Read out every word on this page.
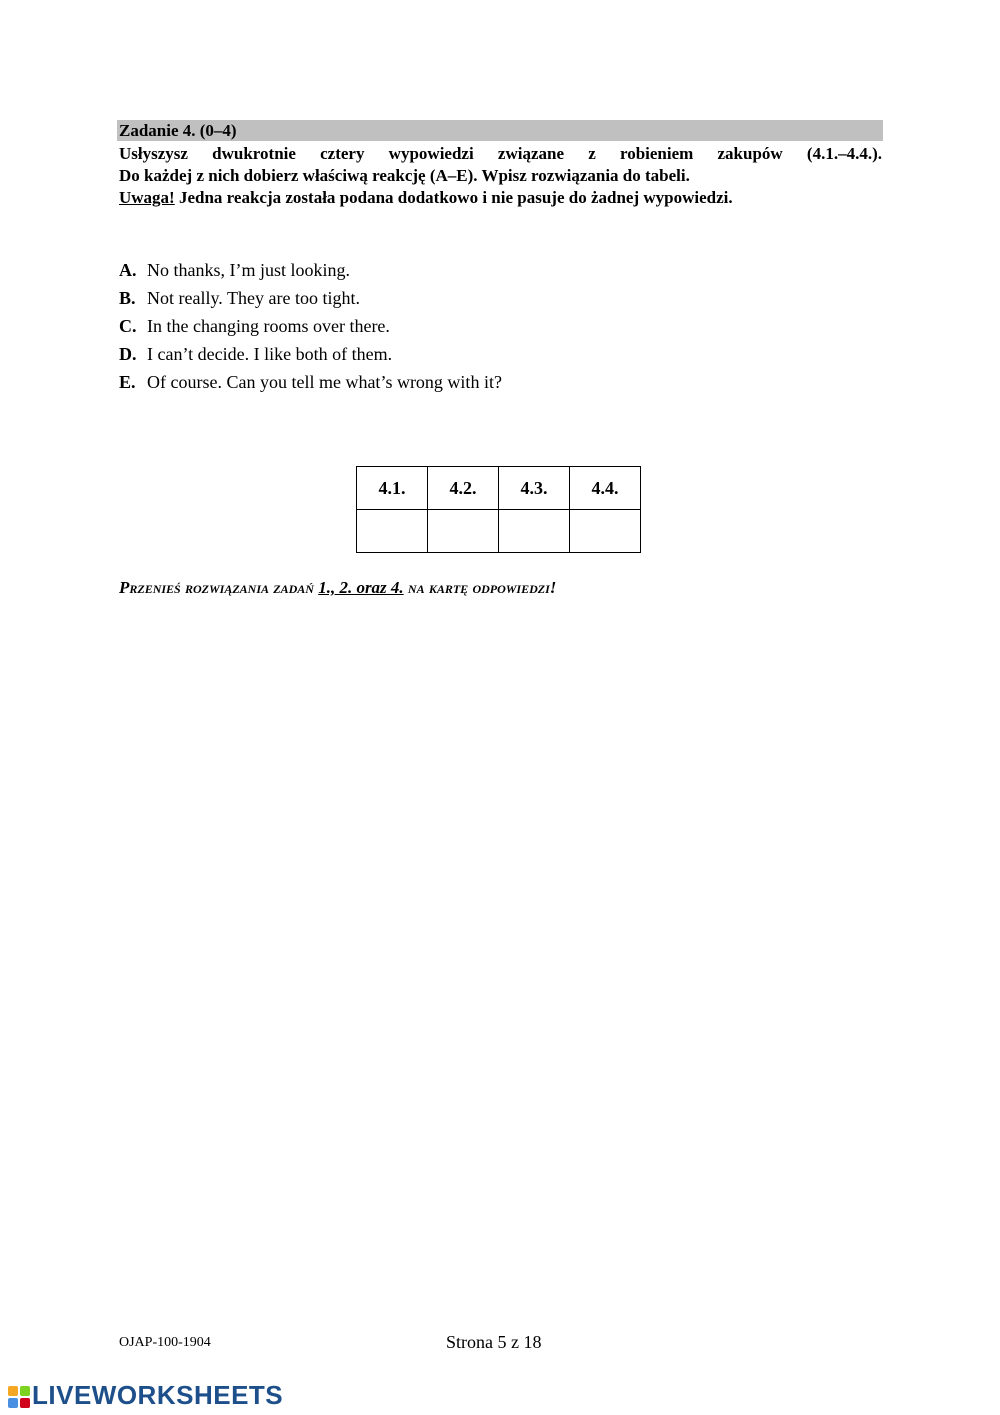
Zadanie 4. (0–4)
Usłyszysz dwukrotnie cztery wypowiedzi związane z robieniem zakupów (4.1.–4.4.).
Do każdej z nich dobierz właściwą reakcję (A–E). Wpisz rozwiązania do tabeli.
Uwaga! Jedna reakcja została podana dodatkowo i nie pasuje do żadnej wypowiedzi.
A. No thanks, I’m just looking.
B. Not really. They are too tight.
C. In the changing rooms over there.
D. I can’t decide. I like both of them.
E. Of course. Can you tell me what’s wrong with it?
4.1.	4.2.	4.3.	4.4.

Przenieś rozwiązania zadań 1., 2. oraz 4. na kartę odpowiedzi!
OJAP-100-1904	Strona 5 z 18
LIVEWORKSHEETS
